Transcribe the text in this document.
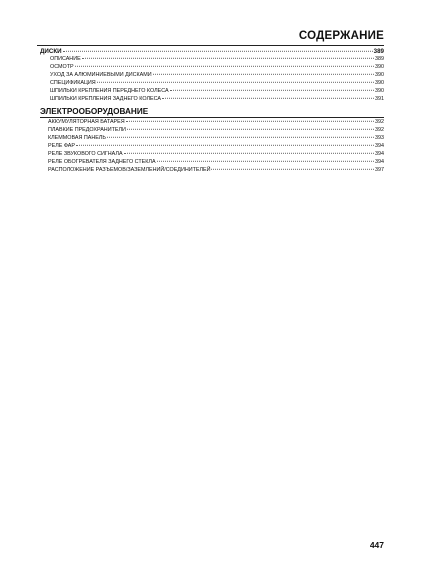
СОДЕРЖАНИЕ
ДИСКИ	389
ОПИСАНИЕ	389
ОСМОТР	390
УХОД ЗА АЛЮМИНИЕВЫМИ ДИСКАМИ	390
СПЕЦИФИКАЦИЯ	390
ШПИЛЬКИ КРЕПЛЕНИЯ ПЕРЕДНЕГО КОЛЕСА	390
ШПИЛЬКИ КРЕПЛЕНИЯ ЗАДНЕГО КОЛЕСА	391
ЭЛЕКТРООБОРУДОВАНИЕ
АККУМУЛЯТОРНАЯ БАТАРЕЯ	392
ПЛАВКИЕ ПРЕДОХРАНИТЕЛИ	392
КЛЕММОВАЯ ПАНЕЛЬ	393
РЕЛЕ ФАР	394
РЕЛЕ ЗВУКОВОГО СИГНАЛА	394
РЕЛЕ ОБОГРЕВАТЕЛЯ ЗАДНЕГО СТЕКЛА	394
РАСПОЛОЖЕНИЕ РАЗЪЕМОВ/ЗАЗЕМЛЕНИЙ/СОЕДИНИТЕЛЕЙ	397
447
